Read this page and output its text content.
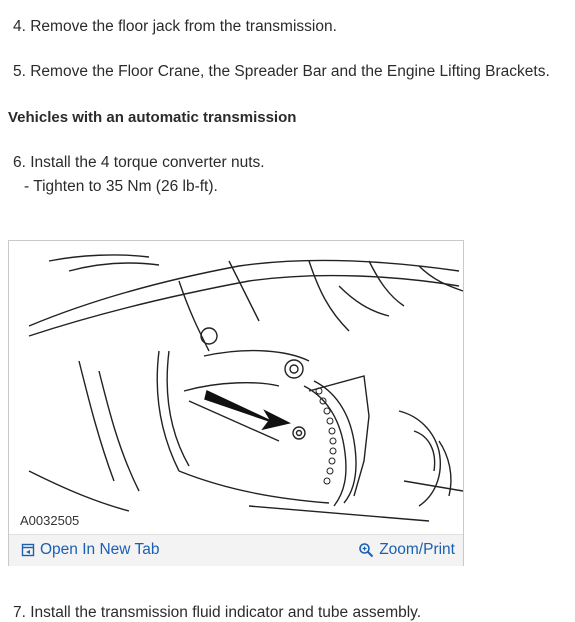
4. Remove the floor jack from the transmission.
5. Remove the Floor Crane, the Spreader Bar and the Engine Lifting Brackets.
Vehicles with an automatic transmission
6. Install the 4 torque converter nuts.
- Tighten to 35 Nm (26 lb-ft).
A0032505
Open In New Tab	Zoom/Print
7. Install the transmission fluid indicator and tube assembly.
